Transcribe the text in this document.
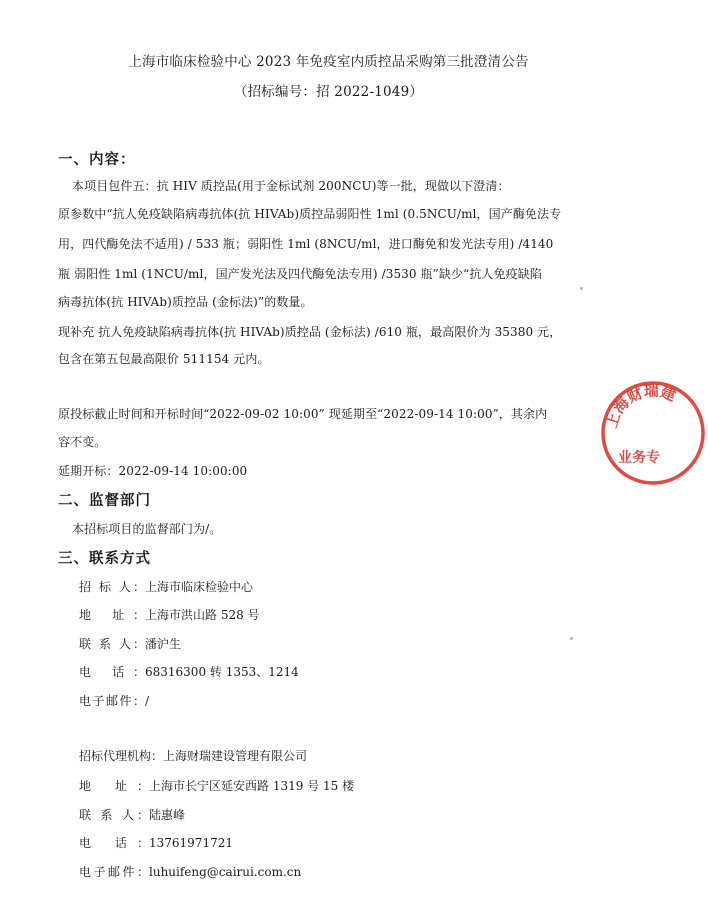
上海市临床检验中心 2023 年免疫室内质控品采购第三批澄清公告
（招标编号：招 2022-1049）
一、内容：
本项目包件五：抗 HIV 质控品(用于金标试剂 200NCU)等一批，现做以下澄清：
原参数中“抗人免疫缺陷病毒抗体(抗 HIVAb)质控品弱阳性 1ml (0.5NCU/ml，国产酶免法专
用，四代酶免法不适用) / 533 瓶；弱阳性 1ml (8NCU/ml，进口酶免和发光法专用) /4140
瓶 弱阳性 1ml (1NCU/ml，国产发光法及四代酶免法专用) /3530 瓶”缺少“抗人免疫缺陷
病毒抗体(抗 HIVAb)质控品 (金标法)”的数量。
现补充 抗人免疫缺陷病毒抗体(抗 HIVAb)质控品 (金标法) /610 瓶，最高限价为 35380 元，
包含在第五包最高限价 511154 元内。
原投标截止时间和开标时间“2022-09-02 10:00” 现延期至“2022-09-14 10:00”，其余内
容不变。
延期开标：2022-09-14 10:00:00
二、监督部门
本招标项目的监督部门为/。
三、联系方式
招 标 人：上海市临床检验中心
地 址：上海市洪山路 528 号
联 系 人：潘沪生
电 话：68316300 转 1353、1214
电子邮件：/
招标代理机构：上海财瑞建设管理有限公司
地 址：上海市长宁区延安西路 1319 号 15 楼
联 系 人：陆惠峰
电 话：13761971721
电子邮件：luhuifeng@cairui.com.cn
上海财瑞建
业务专
